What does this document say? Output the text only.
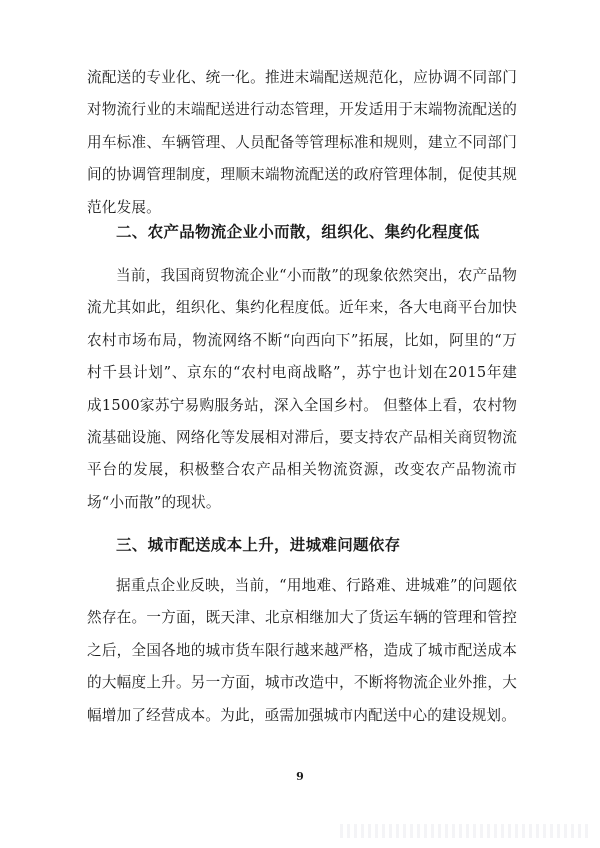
流配送的专业化、统一化。推进末端配送规范化，应协调不同部门对物流行业的末端配送进行动态管理，开发适用于末端物流配送的用车标准、车辆管理、人员配备等管理标准和规则，建立不同部门间的协调管理制度，理顺末端物流配送的政府管理体制，促使其规范化发展。

二、农产品物流企业小而散，组织化、集约化程度低

当前，我国商贸物流企业“小而散”的现象依然突出，农产品物流尤其如此，组织化、集约化程度低。近年来，各大电商平台加快农村市场布局，物流网络不断“向西向下”拓展，比如，阿里的“万村千县计划”、京东的“农村电商战略”，苏宁也计划在2015年建成1500家苏宁易购服务站，深入全国乡村。 但整体上看，农村物流基础设施、网络化等发展相对滞后，要支持农产品相关商贸物流平台的发展，积极整合农产品相关物流资源，改变农产品物流市场“小而散”的现状。

三、城市配送成本上升，进城难问题依存

据重点企业反映，当前，“用地难、行路难、进城难”的问题依然存在。一方面，既天津、北京相继加大了货运车辆的管理和管控之后，全国各地的城市货车限行越来越严格，造成了城市配送成本的大幅度上升。另一方面，城市改造中，不断将物流企业外推，大幅增加了经营成本。为此，亟需加强城市内配送中心的建设规划。

9
